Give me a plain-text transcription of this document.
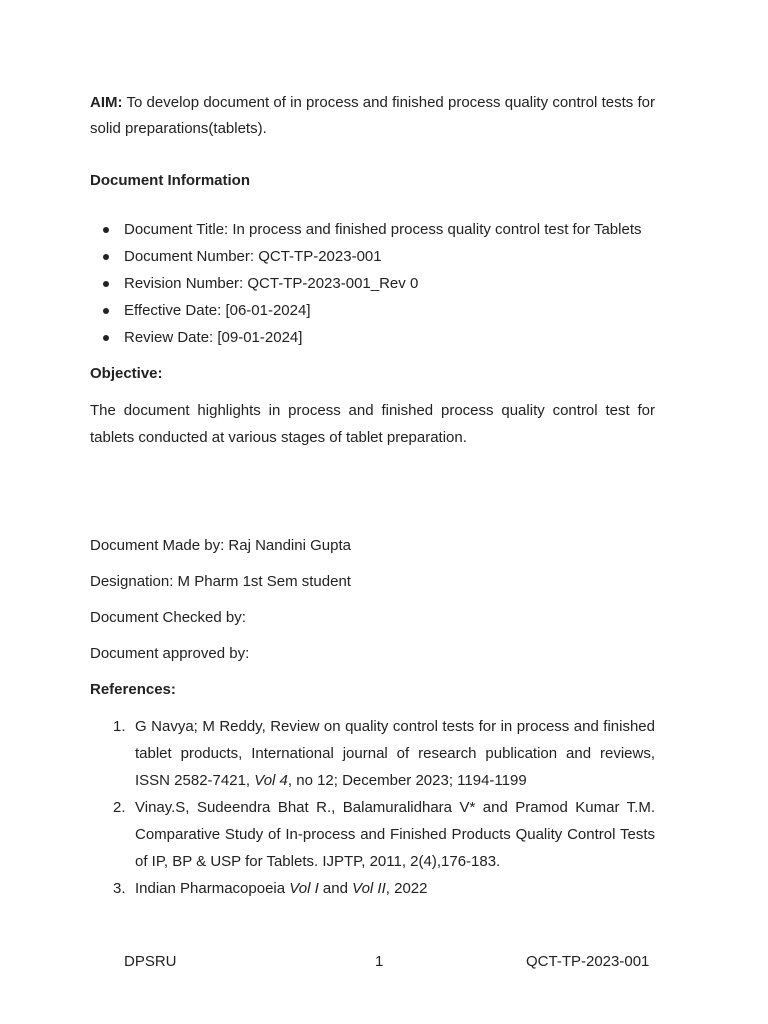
AIM: To develop document of in process and finished process quality control tests for solid preparations(tablets).

Document Information

Document Title: In process and finished process quality control test for Tablets
Document Number: QCT-TP-2023-001
Revision Number: QCT-TP-2023-001_Rev 0
Effective Date: [06-01-2024]
Review Date: [09-01-2024]

Objective:

The document highlights in process and finished process quality control test for tablets conducted at various stages of tablet preparation.

Document Made by: Raj Nandini Gupta

Designation: M Pharm 1st Sem student

Document Checked by:

Document approved by:

References:

1. G Navya; M Reddy, Review on quality control tests for in process and finished tablet products, International journal of research publication and reviews, ISSN 2582-7421, Vol 4, no 12; December 2023; 1194-1199
2. Vinay.S, Sudeendra Bhat R., Balamuralidhara V* and Pramod Kumar T.M. Comparative Study of In-process and Finished Products Quality Control Tests of IP, BP & USP for Tablets. IJPTP, 2011, 2(4),176-183.
3. Indian Pharmacopoeia Vol I and Vol II, 2022
DPSRU	1	QCT-TP-2023-001
